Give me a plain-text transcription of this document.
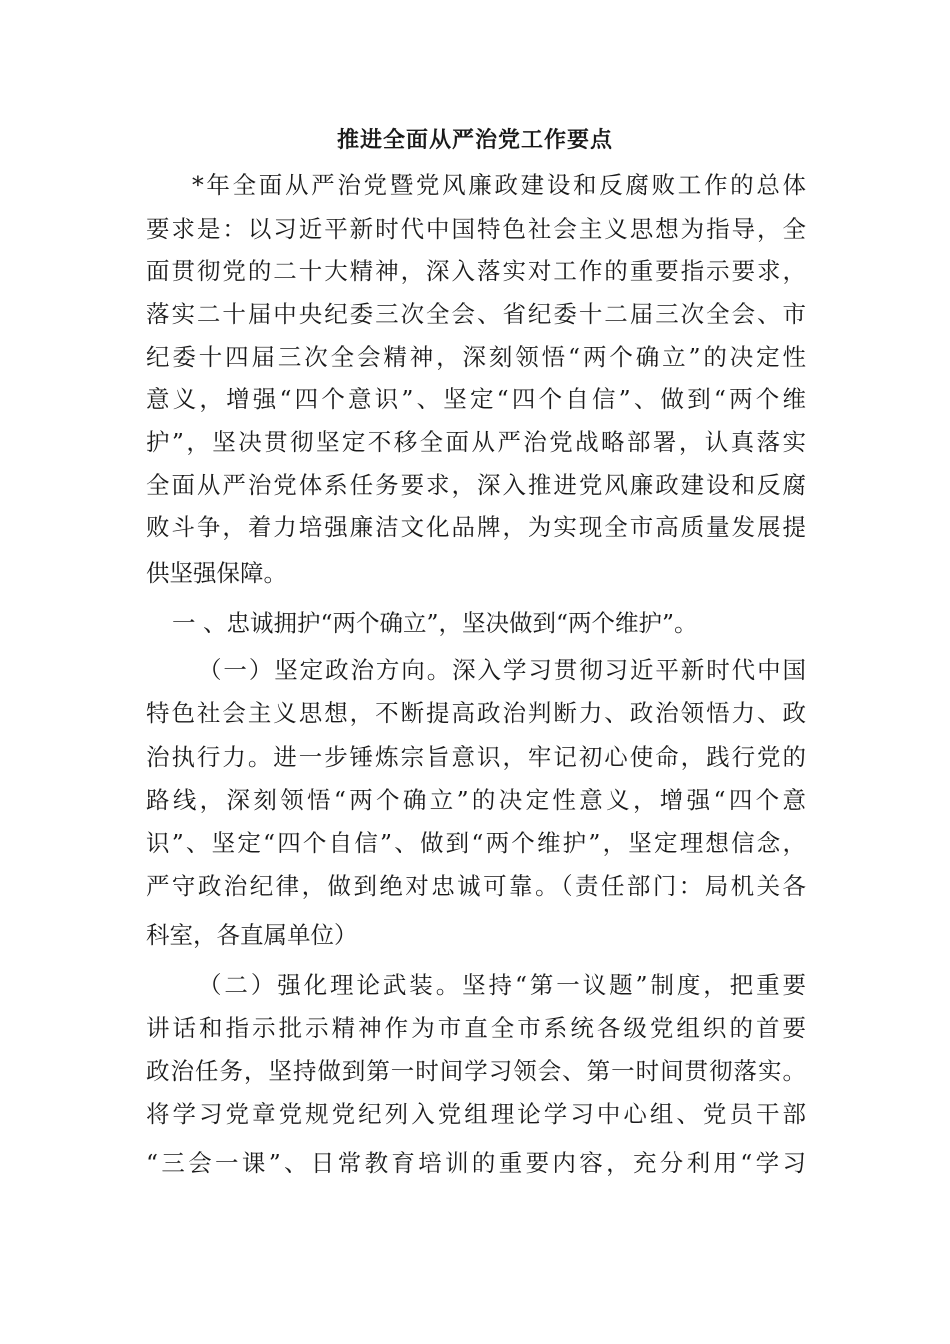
推进全面从严治党工作要点

*年全面从严治党暨党风廉政建设和反腐败工作的总体

要求是：以习近平新时代中国特色社会主义思想为指导，全

面贯彻党的二十大精神，深入落实对工作的重要指示要求，

落实二十届中央纪委三次全会、省纪委十二届三次全会、市

纪委十四届三次全会精神，深刻领悟“两个确立”的决定性

意义，增强“四个意识”、坚定“四个自信”、做到“两个维

护”，坚决贯彻坚定不移全面从严治党战略部署，认真落实

全面从严治党体系任务要求，深入推进党风廉政建设和反腐

败斗争，着力培强廉洁文化品牌，为实现全市高质量发展提

供坚强保障。

一 、忠诚拥护“两个确立”，坚决做到“两个维护”。

（一）坚定政治方向。深入学习贯彻习近平新时代中国

特色社会主义思想，不断提高政治判断力、政治领悟力、政

治执行力。进一步锤炼宗旨意识，牢记初心使命，践行党的

路线，深刻领悟“两个确立”的决定性意义，增强“四个意

识”、坚定“四个自信”、做到“两个维护”，坚定理想信念，

严守政治纪律，做到绝对忠诚可靠。（责任部门：局机关各

科室，各直属单位）

（二）强化理论武装。坚持“第一议题”制度，把重要

讲话和指示批示精神作为市直全市系统各级党组织的首要

政治任务，坚持做到第一时间学习领会、第一时间贯彻落实。

将学习党章党规党纪列入党组理论学习中心组、党员干部

“三会一课”、日常教育培训的重要内容，充分利用“学习
